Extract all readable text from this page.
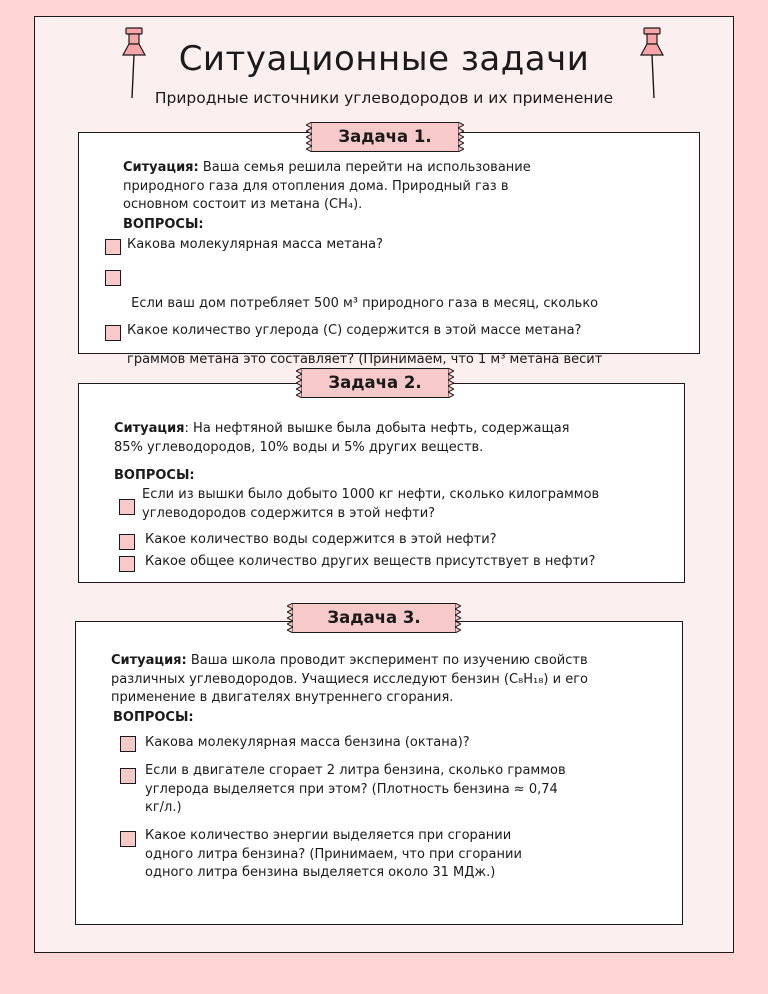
Ситуационные задачи
Природные источники углеводородов и их применение
Задача 1.
Ситуация: Ваша семья решила перейти на использование
природного газа для отопления дома. Природный газ в
основном состоит из метана (CH₄).
ВОПРОСЫ:
Какова молекулярная масса метана?

Если ваш дом потребляет 500 м³ природного газа в месяц, сколько

граммов метана это составляет? (Принимаем, что 1 м³ метана весит

Какое количество углерода (C) содержится в этой массе метана?
Задача 2.
Ситуация: На нефтяной вышке была добыта нефть, содержащая
85% углеводородов, 10% воды и 5% других веществ.
ВОПРОСЫ:
Если из вышки было добыто 1000 кг нефти, сколько килограммов
углеводородов содержится в этой нефти?
Какое количество воды содержится в этой нефти?
Какое общее количество других веществ присутствует в нефти?
Задача 3.
Ситуация: Ваша школа проводит эксперимент по изучению свойств
различных углеводородов. Учащиеся исследуют бензин (C₈H₁₈) и его
применение в двигателях внутреннего сгорания.
ВОПРОСЫ:
Какова молекулярная масса бензина (октана)?
Если в двигателе сгорает 2 литра бензина, сколько граммов
углерода выделяется при этом? (Плотность бензина ≈ 0,74
кг/л.)
Какое количество энергии выделяется при сгорании
одного литра бензина? (Принимаем, что при сгорании
одного литра бензина выделяется около 31 МДж.)
